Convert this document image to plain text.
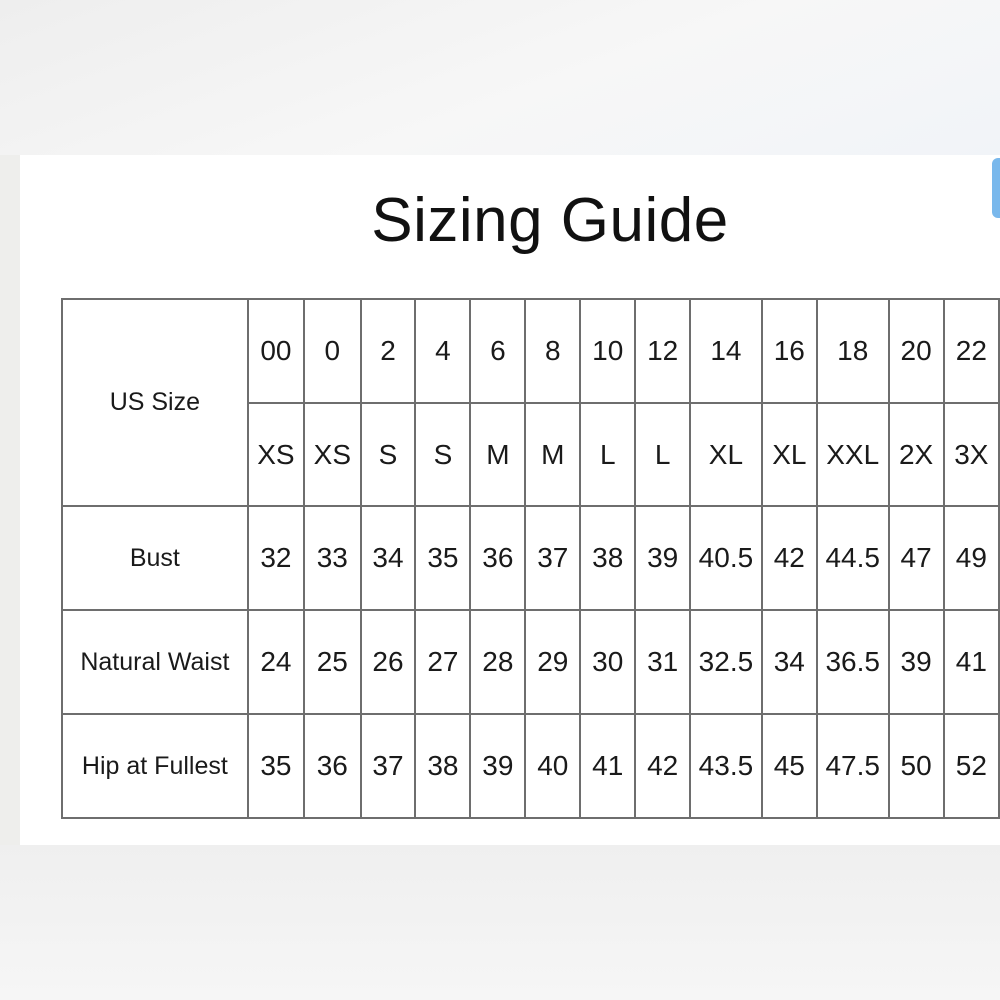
Sizing Guide
US Size	00	0	2	4	6	8	10	12	14	16	18	20	22
	XS	XS	S	S	M	M	L	L	XL	XL	XXL	2X	3X
Bust	32	33	34	35	36	37	38	39	40.5	42	44.5	47	49
Natural Waist	24	25	26	27	28	29	30	31	32.5	34	36.5	39	41
Hip at Fullest	35	36	37	38	39	40	41	42	43.5	45	47.5	50	52
